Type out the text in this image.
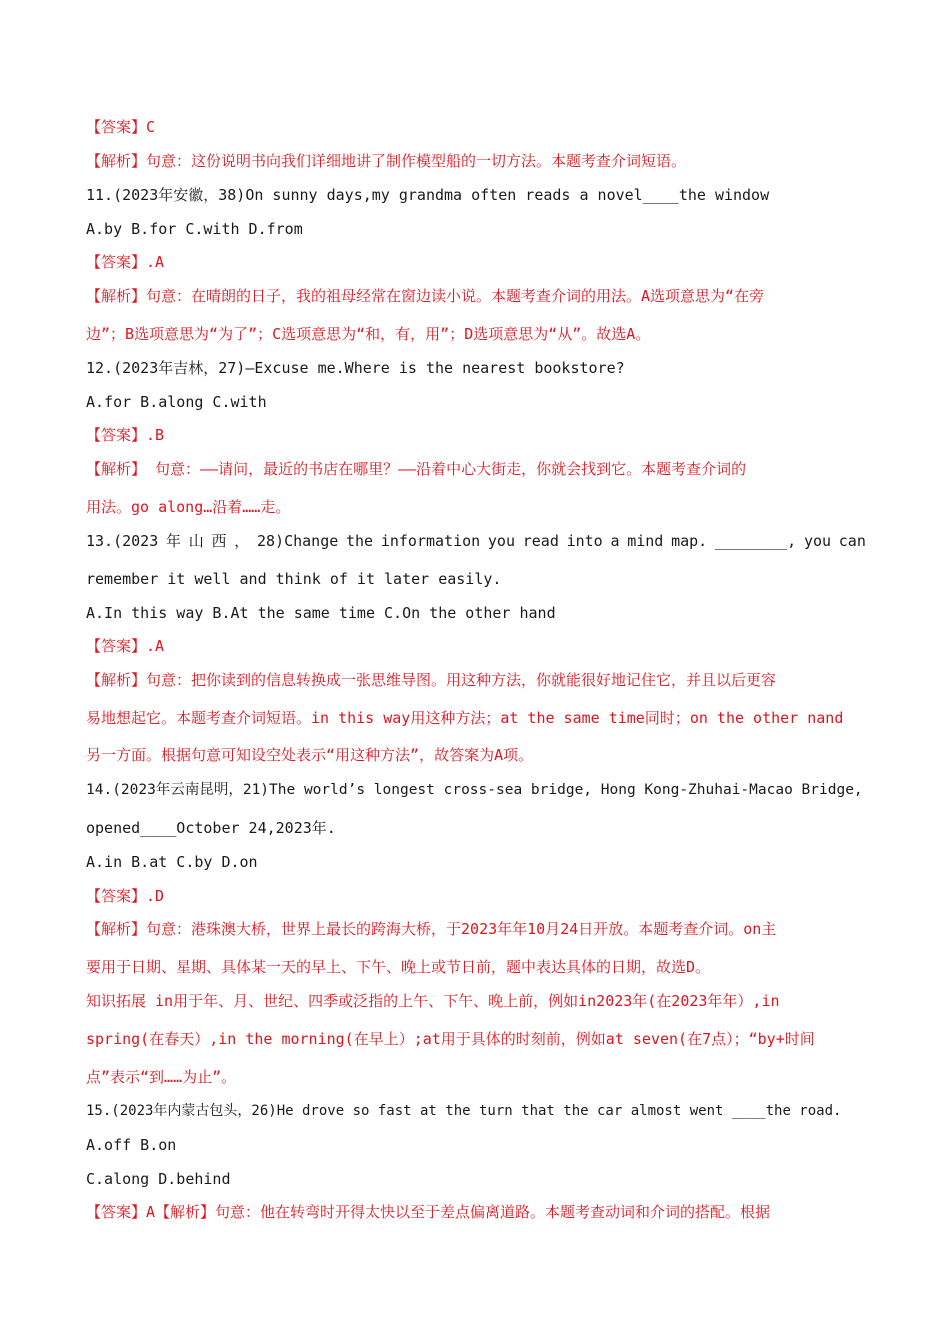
【答案】C
【解析】句意：这份说明书向我们详细地讲了制作模型船的一切方法。本题考查介词短语。
11.(2023年安徽，38)On sunny days,my grandma often reads a novel____the window
A.by B.for C.with D.from
【答案】.A
【解析】句意：在晴朗的日子，我的祖母经常在窗边读小说。本题考查介词的用法。A选项意思为“在旁
边”；B选项意思为“为了”；C选项意思为“和，有，用”；D选项意思为“从”。故选A。
12.(2023年吉林，27)—Excuse me.Where is the nearest bookstore?
A.for B.along C.with
【答案】.B
【解析】 句意：——请问，最近的书店在哪里？——沿着中心大街走，你就会找到它。本题考查介词的
用法。go along…沿着……走。
13.(2023 年 山 西 ， 28)Change the information you read into a mind map. ________, you can
remember it well and think of it later easily.
A.In this way B.At the same time C.On the other hand
【答案】.A
【解析】句意：把你读到的信息转换成一张思维导图。用这种方法，你就能很好地记住它，并且以后更容
易地想起它。本题考查介词短语。in this way用这种方法；at the same time同时；on the other nand
另一方面。根据句意可知设空处表示“用这种方法”，故答案为A项。
14.(2023年云南昆明，21)The world’s longest cross-sea bridge, Hong Kong-Zhuhai-Macao Bridge,
opened____October 24,2023年.
A.in B.at C.by D.on
【答案】.D
【解析】句意：港珠澳大桥，世界上最长的跨海大桥，于2023年年10月24日开放。本题考查介词。on主
要用于日期、星期、具体某一天的早上、下午、晚上或节日前，题中表达具体的日期，故选D。
知识拓展 in用于年、月、世纪、四季或泛指的上午、下午、晚上前，例如in2023年(在2023年年）,in
spring(在春天）,in the morning(在早上）;at用于具体的时刻前，例如at seven(在7点）；“by+时间
点”表示“到……为止”。
15.(2023年内蒙古包头，26)He drove so fast at the turn that the car almost went ____the road.
A.off B.on
C.along D.behind
【答案】A【解析】句意：他在转弯时开得太快以至于差点偏离道路。本题考查动词和介词的搭配。根据
